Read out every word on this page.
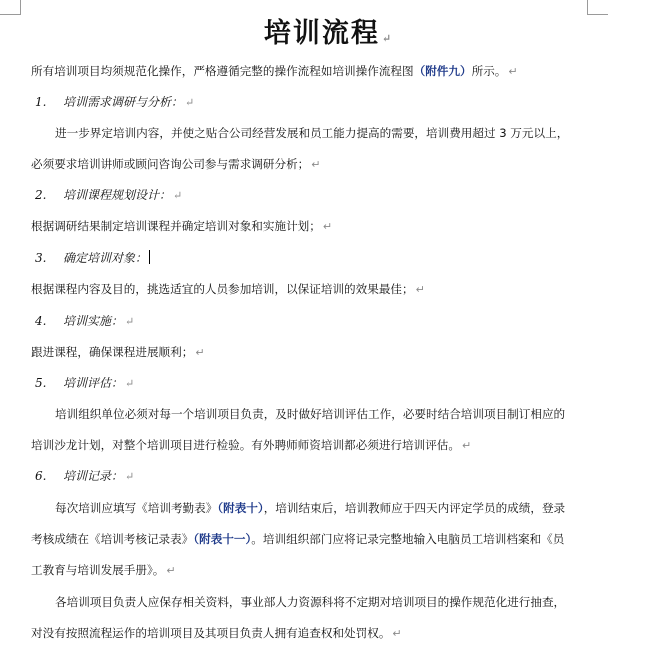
培训流程 ↵
所有培训项目均须规范化操作，严格遵循完整的操作流程如培训操作流程图（附件九）所示。 ↵
1. 培训需求调研与分析： ↵
进一步界定培训内容，并使之贴合公司经营发展和员工能力提高的需要，培训费用超过 3 万元以上，
必须要求培训讲师或顾问咨询公司参与需求调研分析； ↵
2. 培训课程规划设计： ↵
根据调研结果制定培训课程并确定培训对象和实施计划； ↵
3. 确定培训对象：
根据课程内容及目的，挑选适宜的人员参加培训，以保证培训的效果最佳； ↵
4. 培训实施： ↵
跟进课程，确保课程进展顺利； ↵
5. 培训评估： ↵
培训组织单位必须对每一个培训项目负责，及时做好培训评估工作，必要时结合培训项目制订相应的
培训沙龙计划，对整个培训项目进行检验。有外聘师师资培训都必须进行培训评估。 ↵
6. 培训记录： ↵
每次培训应填写《培训考勤表》（附表十），培训结束后，培训教师应于四天内评定学员的成绩，登录
考核成绩在《培训考核记录表》（附表十一）。培训组织部门应将记录完整地输入电脑员工培训档案和《员
工教育与培训发展手册》。 ↵
各培训项目负责人应保存相关资料，事业部人力资源科将不定期对培训项目的操作规范化进行抽查，
对没有按照流程运作的培训项目及其项目负责人拥有追查权和处罚权。 ↵
